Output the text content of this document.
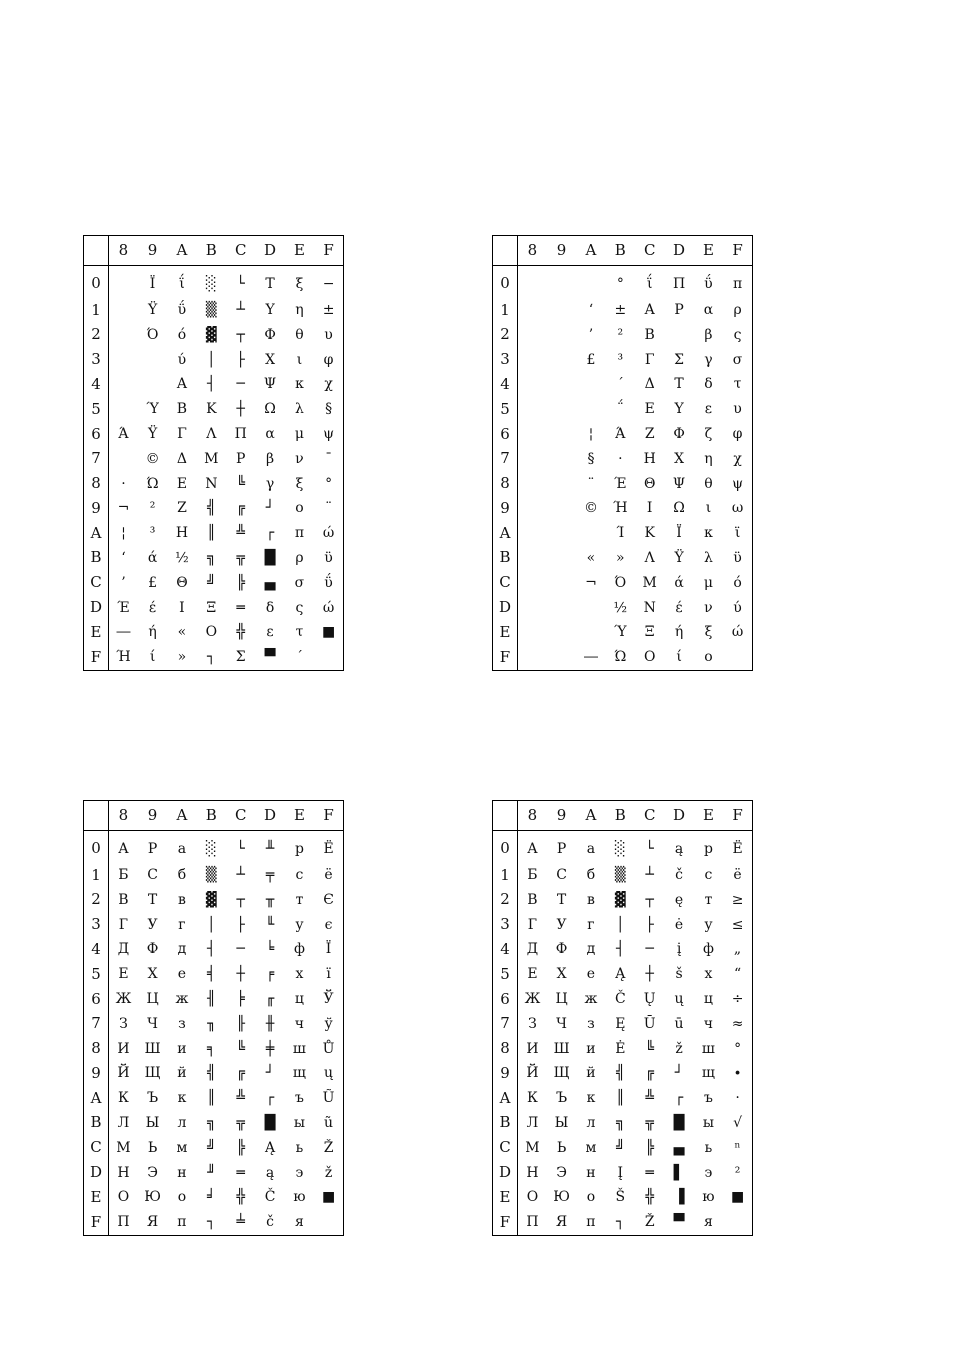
	8	9	A	B	C	D	E	F
0		Ϊ	ΐ	░	└	Τ	ξ	−
1		Ϋ	ΰ	▒	┴	Υ	η	±
2		Ό	ό	▓	┬	Φ	θ	υ
3			ύ	│	├	Χ	ι	φ
4			Α	┤	─	Ψ	κ	χ
5		Ύ	Β	Κ	┼	Ω	λ	§
6	Ά	Ϋ	Γ	Λ	Π	α	μ	ψ
7		©	Δ	Μ	Ρ	β	ν	¯
8	·	Ώ	Ε	Ν	╚	γ	ξ	°
9	¬	²	Ζ	╣	╔	┘	ο	¨
A	¦	³	Η	║	╩	┌	π	ώ
B	‘	ά	½	╗	╦	█	ρ	ϋ
C	’	£	Θ	╝	╠	▄	σ	ΰ
D	Έ	έ	Ι	Ξ	═	δ	ς	ώ
E	―	ή	«	Ο	╬	ε	τ	■
F	Ή	ί	»	┐	Σ	▀	΄	
	8	9	A	B	C	D	E	F
0				°	ΐ	Π	ΰ	π
1			‘	±	Α	Ρ	α	ρ
2			’	²	Β		β	ς
3			£	³	Γ	Σ	γ	σ
4				΄	Δ	Τ	δ	τ
5				΅	Ε	Υ	ε	υ
6			¦	Ά	Ζ	Φ	ζ	φ
7			§	·	Η	Χ	η	χ
8			¨	Έ	Θ	Ψ	θ	ψ
9			©	Ή	Ι	Ω	ι	ω
A				Ί	Κ	Ϊ	κ	ϊ
B			«	»	Λ	Ϋ	λ	ϋ
C			¬	Ό	Μ	ά	μ	ό
D				½	Ν	έ	ν	ύ
E				Ύ	Ξ	ή	ξ	ώ
F			―	Ώ	Ο	ί	ο	
	8	9	A	B	C	D	E	F
0	А	Р	а	░	└	╨	р	Ё
1	Б	С	б	▒	┴	╤	с	ё
2	В	Т	в	▓	┬	╥	т	Є
3	Г	У	г	│	├	╙	у	є
4	Д	Ф	д	┤	─	╘	ф	Ї
5	Е	Х	е	╡	┼	╒	х	ї
6	Ж	Ц	ж	╢	╞	╓	ц	Ў
7	З	Ч	з	╖	╟	╫	ч	ў
8	И	Ш	и	╕	╚	╪	ш	Ů
9	Й	Щ	й	╣	╔	┘	щ	ų
A	К	Ъ	к	║	╩	┌	ъ	Ũ
B	Л	Ы	л	╗	╦	█	ы	ũ
C	М	Ь	м	╝	╠	Ą	ь	Ž
D	Н	Э	н	╜	═	ą	э	ž
E	О	Ю	о	╛	╬	Č	ю	■
F	П	Я	п	┐	╧	č	я	
	8	9	A	B	C	D	E	F
0	А	Р	а	░	└	ą	р	Ё
1	Б	С	б	▒	┴	č	с	ё
2	В	Т	в	▓	┬	ę	т	≥
3	Г	У	г	│	├	ė	у	≤
4	Д	Ф	д	┤	─	į	ф	„
5	Е	Х	е	Ą	┼	š	х	“
6	Ж	Ц	ж	Č	Ų	ų	ц	÷
7	З	Ч	з	Ę	Ū	ū	ч	≈
8	И	Ш	и	Ė	╚	ž	ш	°
9	Й	Щ	й	╣	╔	┘	щ	∙
A	К	Ъ	к	║	╩	┌	ъ	·
B	Л	Ы	л	╗	╦	█	ы	√
C	М	Ь	м	╝	╠	▄	ь	ⁿ
D	Н	Э	н	Į	═	▌	э	²
E	О	Ю	о	Š	╬	▐	ю	■
F	П	Я	п	┐	Ž	▀	я	
